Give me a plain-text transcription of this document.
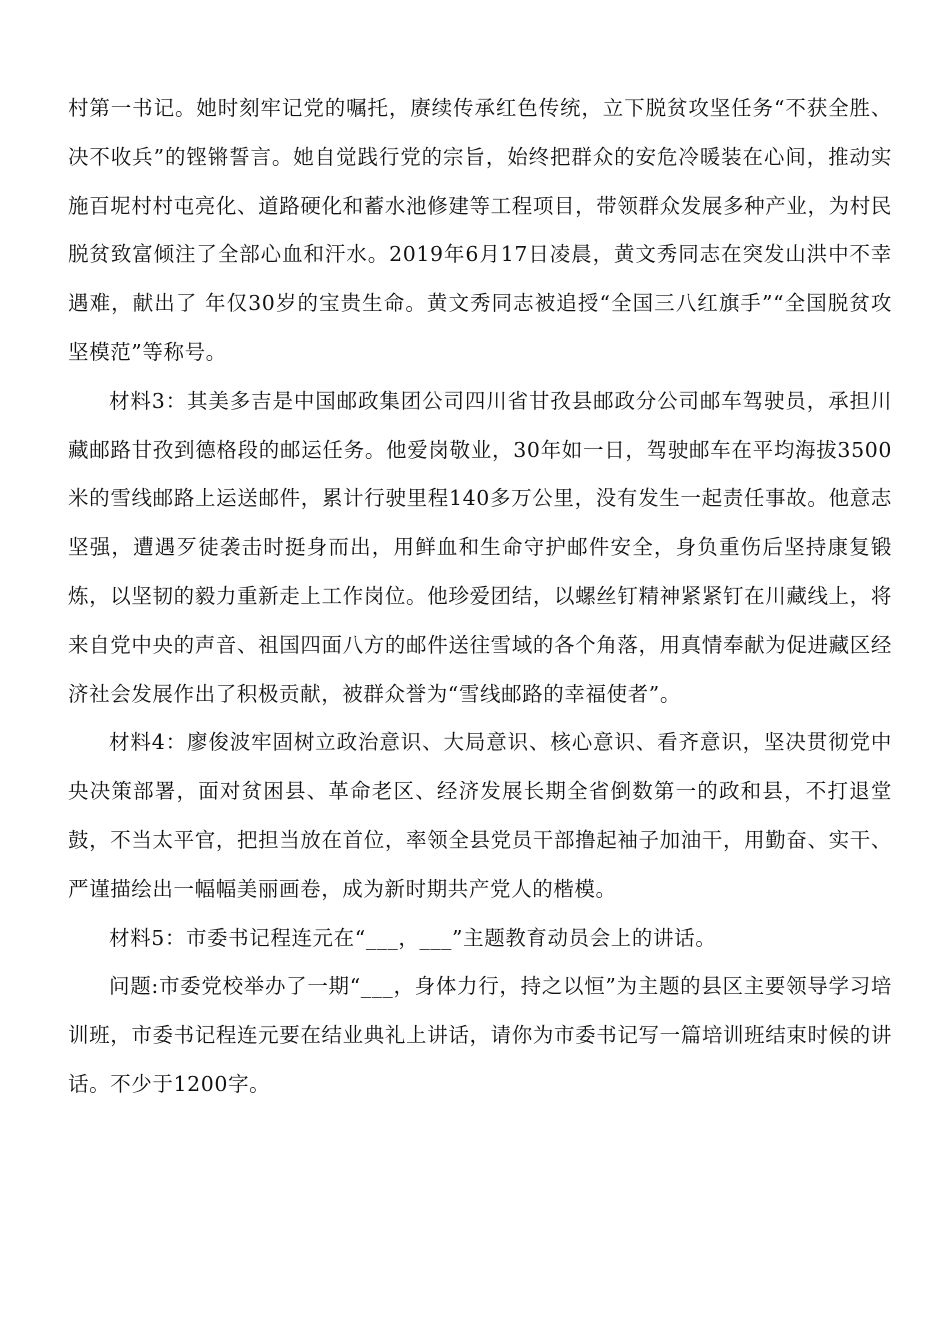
村第一书记。她时刻牢记党的嘱托，赓续传承红色传统，立下脱贫攻坚任务“不获全胜、决不收兵”的铿锵誓言。她自觉践行党的宗旨，始终把群众的安危冷暖装在心间，推动实施百坭村村屯亮化、道路硬化和蓄水池修建等工程项目，带领群众发展多种产业，为村民脱贫致富倾注了全部心血和汗水。2019年6月17日凌晨，黄文秀同志在突发山洪中不幸遇难，献出了 年仅30岁的宝贵生命。黄文秀同志被追授“全国三八红旗手”“全国脱贫攻坚模范”等称号。

材料3：其美多吉是中国邮政集团公司四川省甘孜县邮政分公司邮车驾驶员，承担川藏邮路甘孜到德格段的邮运任务。他爱岗敬业，30年如一日，驾驶邮车在平均海拔3500米的雪线邮路上运送邮件，累计行驶里程140多万公里，没有发生一起责任事故。他意志坚强，遭遇歹徒袭击时挺身而出，用鲜血和生命守护邮件安全，身负重伤后坚持康复锻炼，以坚韧的毅力重新走上工作岗位。他珍爱团结，以螺丝钉精神紧紧钉在川藏线上，将来自党中央的声音、祖国四面八方的邮件送往雪域的各个角落，用真情奉献为促进藏区经济社会发展作出了积极贡献，被群众誉为“雪线邮路的幸福使者”。

材料4：廖俊波牢固树立政治意识、大局意识、核心意识、看齐意识，坚决贯彻党中央决策部署，面对贫困县、革命老区、经济发展长期全省倒数第一的政和县，不打退堂鼓，不当太平官，把担当放在首位，率领全县党员干部撸起袖子加油干，用勤奋、实干、严谨描绘出一幅幅美丽画卷，成为新时期共产党人的楷模。

材料5：市委书记程连元在“___，___”主题教育动员会上的讲话。

问题:市委党校举办了一期“___，身体力行，持之以恒”为主题的县区主要领导学习培训班，市委书记程连元要在结业典礼上讲话，请你为市委书记写一篇培训班结束时候的讲话。不少于1200字。
